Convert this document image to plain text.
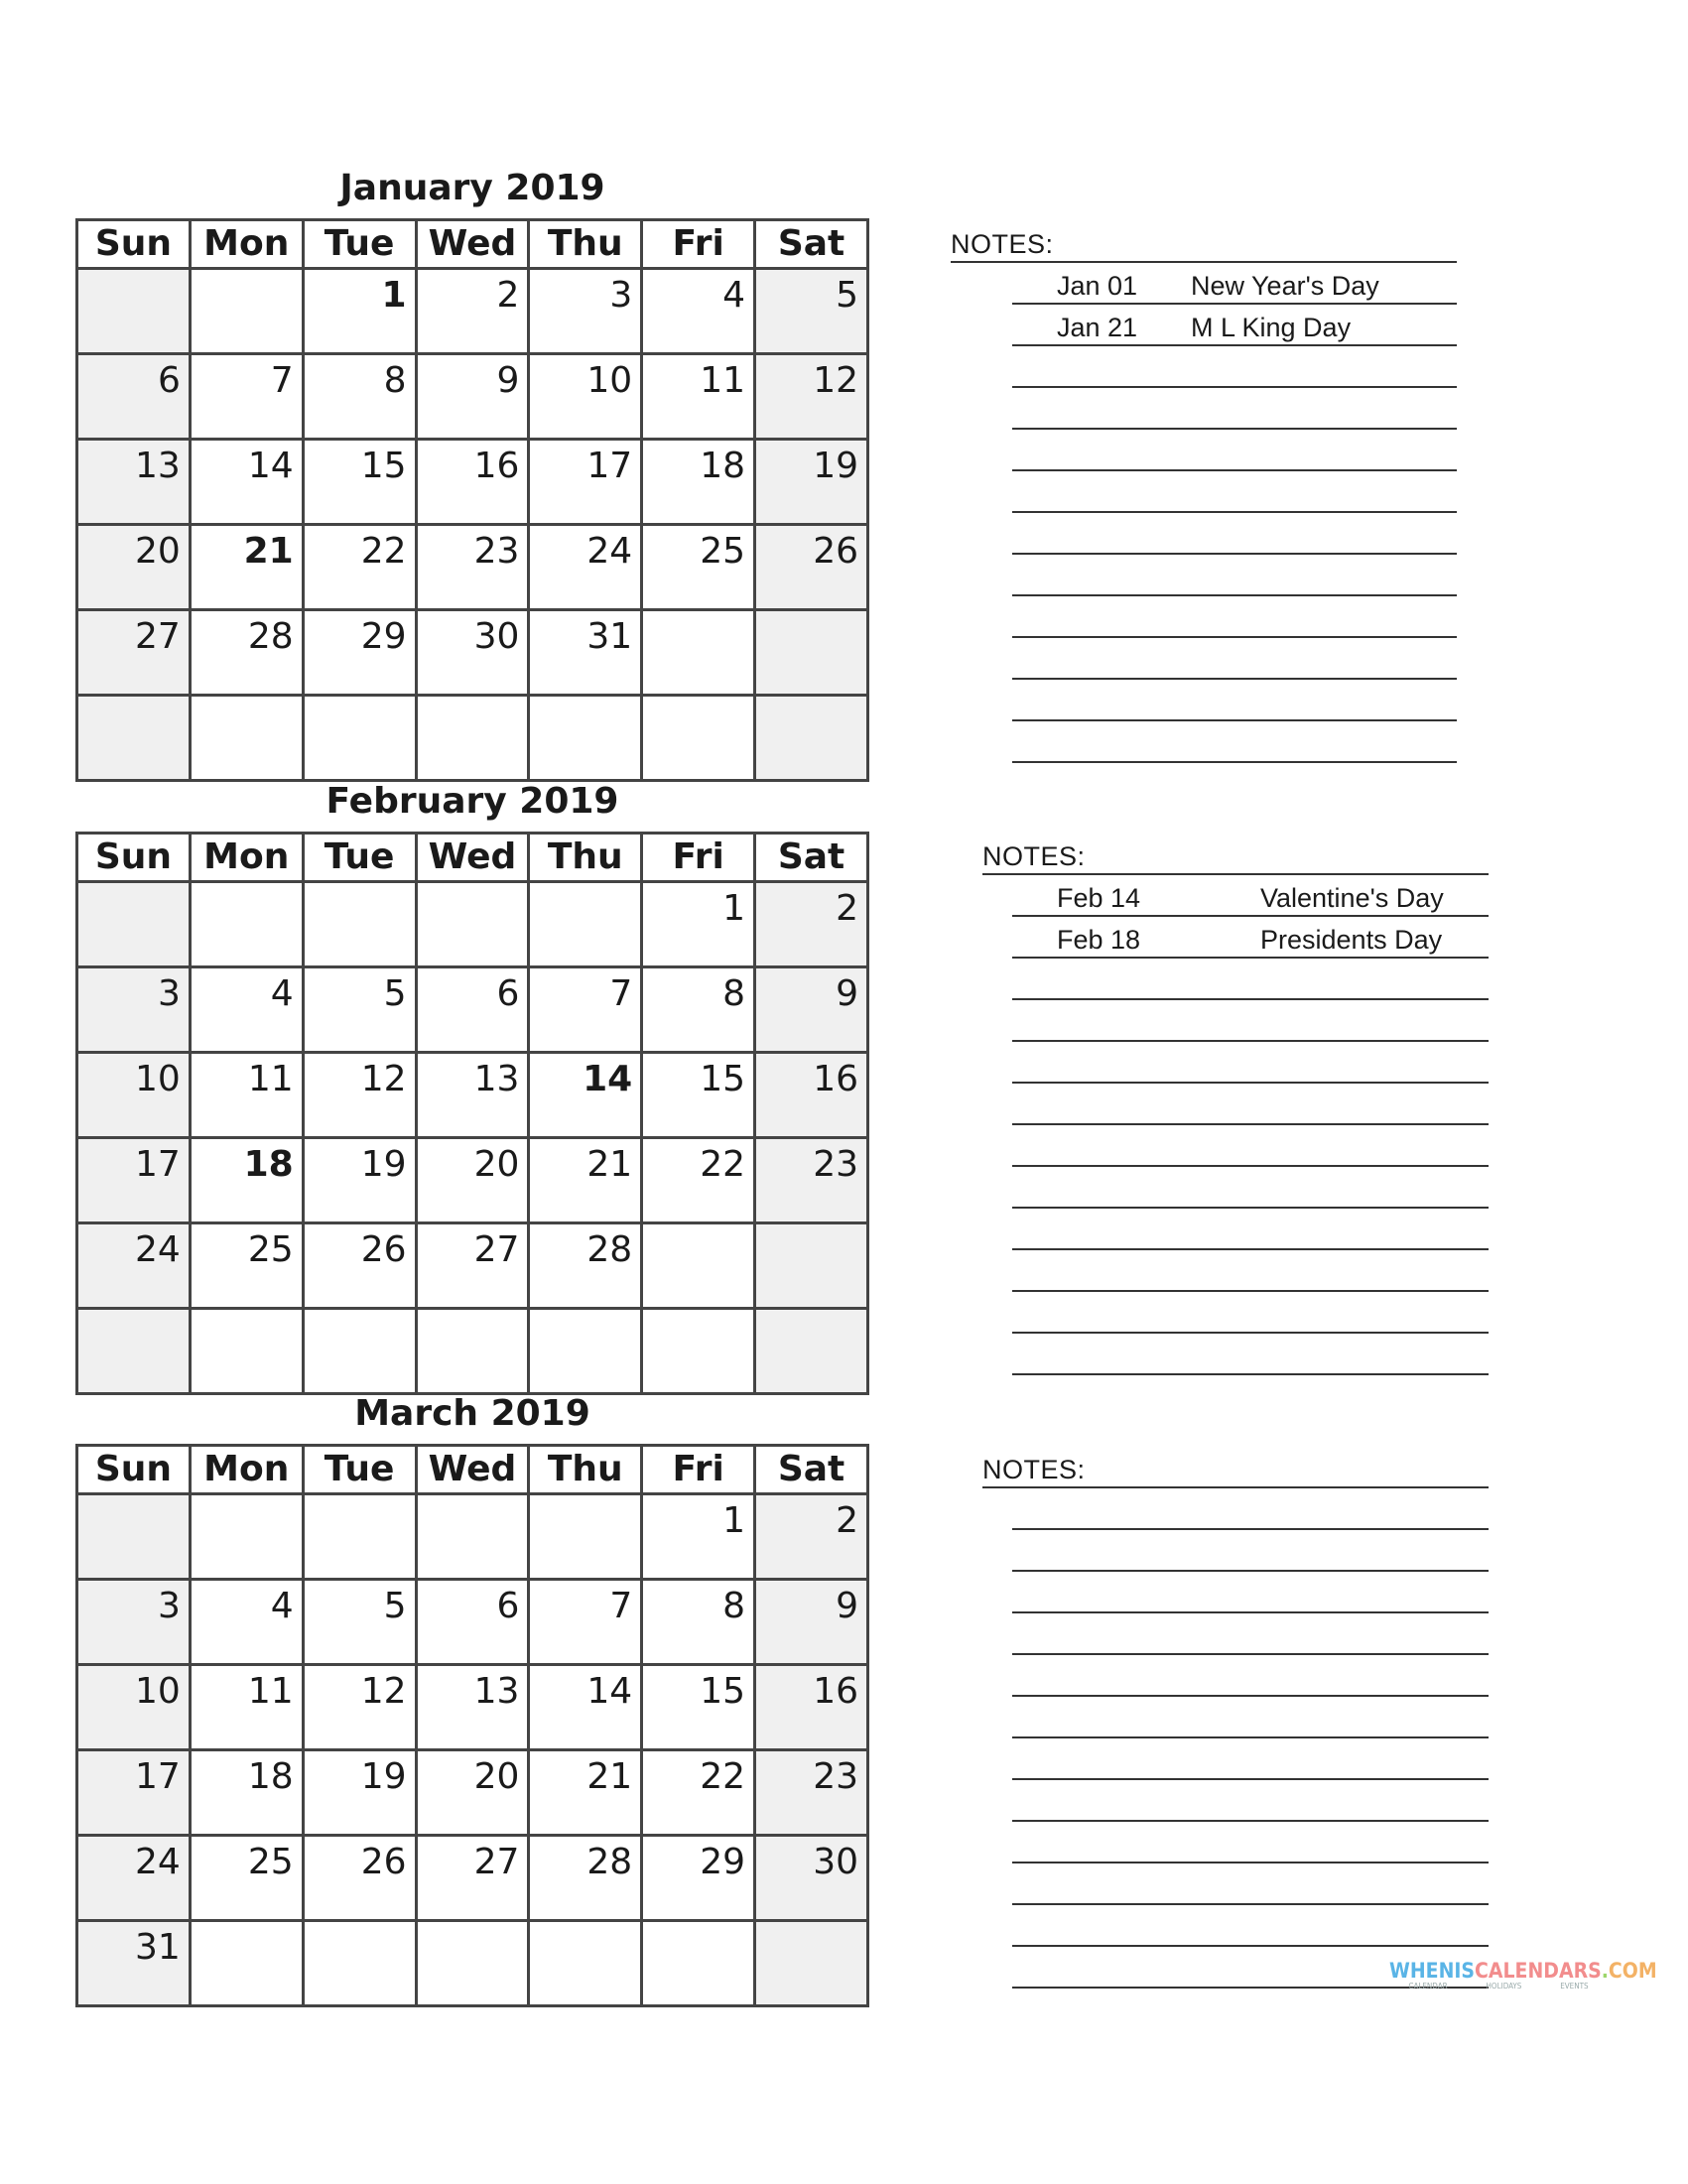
January 2019
Sun	Mon	Tue	Wed	Thu	Fri	Sat
		1	2	3	4	5
6	7	8	9	10	11	12
13	14	15	16	17	18	19
20	21	22	23	24	25	26
27	28	29	30	31		

NOTES:
Jan 01 New Year's Day
Jan 21 M L King Day
February 2019
Sun	Mon	Tue	Wed	Thu	Fri	Sat
					1	2
3	4	5	6	7	8	9
10	11	12	13	14	15	16
17	18	19	20	21	22	23
24	25	26	27	28		

NOTES:
Feb 14	Valentine's Day
Feb 18	Presidents Day
March 2019
Sun	Mon	Tue	Wed	Thu	Fri	Sat
					1	2
3	4	5	6	7	8	9
10	11	12	13	14	15	16
17	18	19	20	21	22	23
24	25	26	27	28	29	30
31						
NOTES:
WHENISCALENDARS.COM
CALENDAR	HOLIDAYS	EVENTS
